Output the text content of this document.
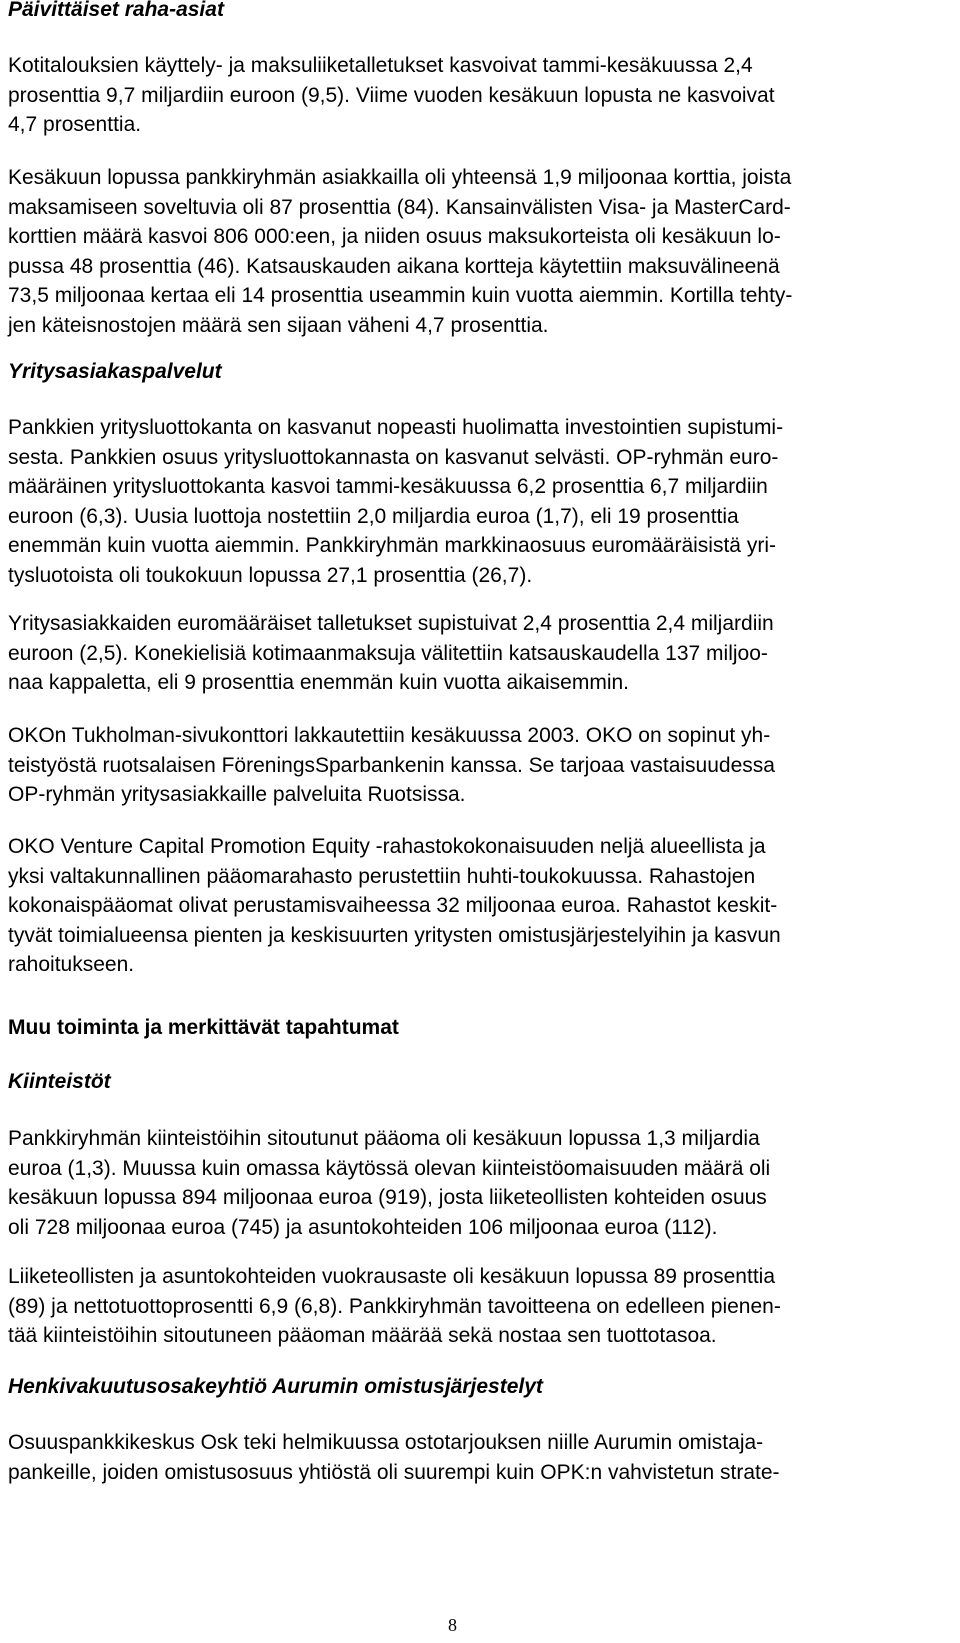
Päivittäiset raha-asiat

Kotitalouksien käyttely- ja maksuliiketalletukset kasvoivat tammi-kesäkuussa 2,4
prosenttia 9,7 miljardiin euroon (9,5). Viime vuoden kesäkuun lopusta ne kasvoivat
4,7 prosenttia.

Kesäkuun lopussa pankkiryhmän asiakkailla oli yhteensä 1,9 miljoonaa korttia, joista
maksamiseen soveltuvia oli 87 prosenttia (84). Kansainvälisten Visa- ja MasterCard-
korttien määrä kasvoi 806 000:een, ja niiden osuus maksukorteista oli kesäkuun lo-
pussa 48 prosenttia (46). Katsauskauden aikana kortteja käytettiin maksuvälineenä
73,5 miljoonaa kertaa eli 14 prosenttia useammin kuin vuotta aiemmin. Kortilla tehty-
jen käteisnostojen määrä sen sijaan väheni 4,7 prosenttia.

Yritysasiakaspalvelut

Pankkien yritysluottokanta on kasvanut nopeasti huolimatta investointien supistumi-
sesta. Pankkien osuus yritysluottokannasta on kasvanut selvästi. OP-ryhmän euro-
määräinen yritysluottokanta kasvoi tammi-kesäkuussa 6,2 prosenttia 6,7 miljardiin
euroon (6,3). Uusia luottoja nostettiin 2,0 miljardia euroa (1,7), eli 19 prosenttia
enemmän kuin vuotta aiemmin. Pankkiryhmän markkinaosuus euromääräisistä yri-
tysluotoista oli toukokuun lopussa 27,1 prosenttia (26,7).

Yritysasiakkaiden euromääräiset talletukset supistuivat 2,4 prosenttia 2,4 miljardiin
euroon (2,5). Konekielisiä kotimaanmaksuja välitettiin katsauskaudella 137 miljoo-
naa kappaletta, eli 9 prosenttia enemmän kuin vuotta aikaisemmin.

OKOn Tukholman-sivukonttori lakkautettiin kesäkuussa 2003. OKO on sopinut yh-
teistyöstä ruotsalaisen FöreningsSparbankenin kanssa. Se tarjoaa vastaisuudessa
OP-ryhmän yritysasiakkaille palveluita Ruotsissa.

OKO Venture Capital Promotion Equity -rahastokokonaisuuden neljä alueellista ja
yksi valtakunnallinen pääomarahasto perustettiin huhti-toukokuussa. Rahastojen
kokonaispääomat olivat perustamisvaiheessa 32 miljoonaa euroa. Rahastot keskit-
tyvät toimialueensa pienten ja keskisuurten yritysten omistusjärjestelyihin ja kasvun
rahoitukseen.

Muu toiminta ja merkittävät tapahtumat
Kiinteistöt

Pankkiryhmän kiinteistöihin sitoutunut pääoma oli kesäkuun lopussa 1,3 miljardia
euroa (1,3). Muussa kuin omassa käytössä olevan kiinteistöomaisuuden määrä oli
kesäkuun lopussa 894 miljoonaa euroa (919), josta liiketeollisten kohteiden osuus
oli 728 miljoonaa euroa (745) ja asuntokohteiden 106 miljoonaa euroa (112).

Liiketeollisten ja asuntokohteiden vuokrausaste oli kesäkuun lopussa 89 prosenttia
(89) ja nettotuottoprosentti 6,9 (6,8). Pankkiryhmän tavoitteena on edelleen pienen-
tää kiinteistöihin sitoutuneen pääoman määrää sekä nostaa sen tuottotasoa.

Henkivakuutusosakeyhtiö Aurumin omistusjärjestelyt

Osuuspankkikeskus Osk teki helmikuussa ostotarjouksen niille Aurumin omistaja-
pankeille, joiden omistusosuus yhtiöstä oli suurempi kuin OPK:n vahvistetun strate-

8
